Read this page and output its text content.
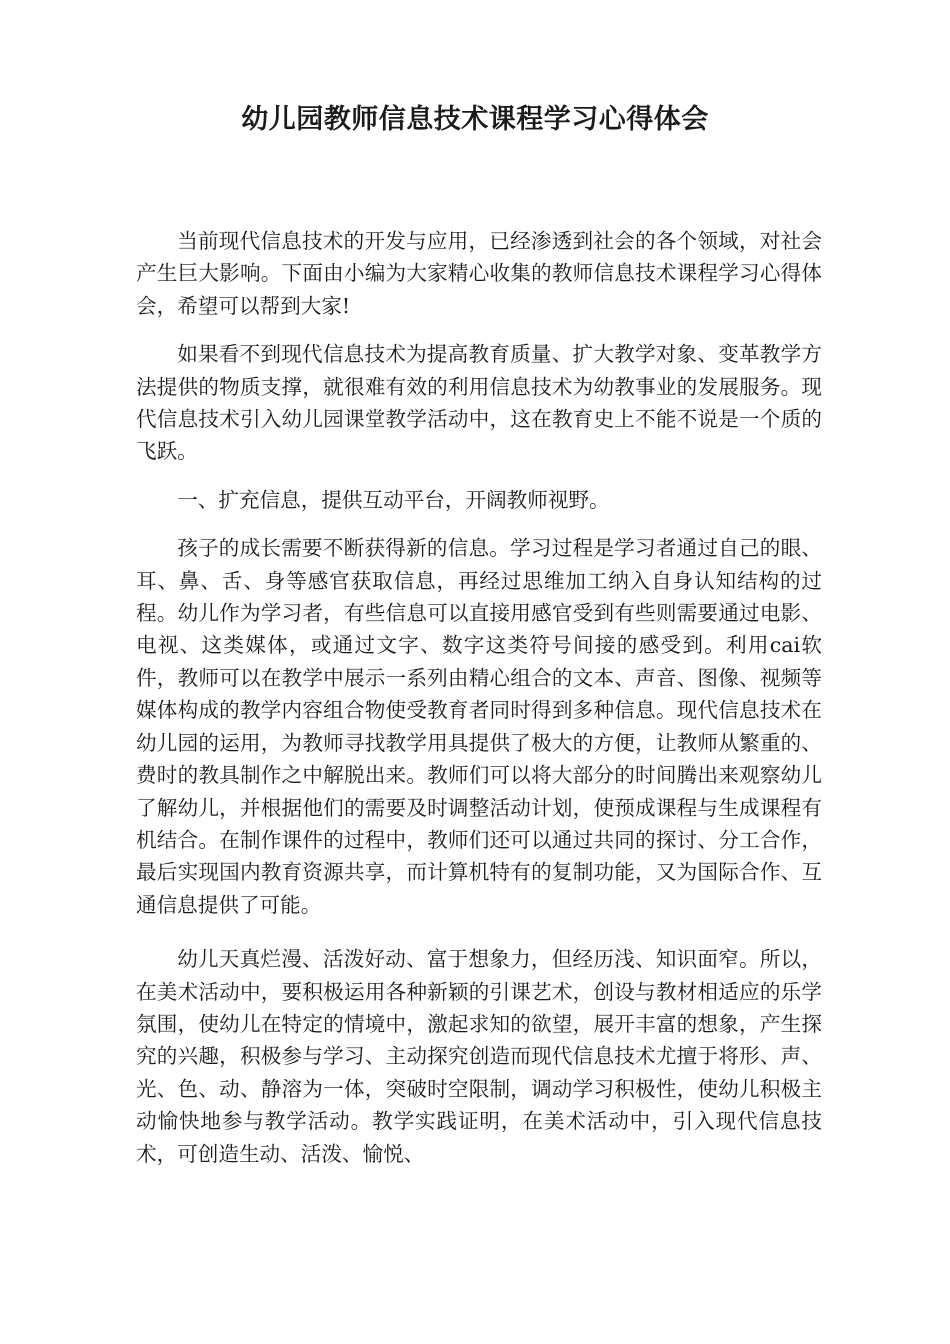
幼儿园教师信息技术课程学习心得体会

当前现代信息技术的开发与应用，已经渗透到社会的各个领域，对社会产生巨大影响。下面由小编为大家精心收集的教师信息技术课程学习心得体会，希望可以帮到大家!

如果看不到现代信息技术为提高教育质量、扩大教学对象、变革教学方法提供的物质支撑，就很难有效的利用信息技术为幼教事业的发展服务。现代信息技术引入幼儿园课堂教学活动中，这在教育史上不能不说是一个质的飞跃。

一、扩充信息，提供互动平台，开阔教师视野。

孩子的成长需要不断获得新的信息。学习过程是学习者通过自己的眼、耳、鼻、舌、身等感官获取信息，再经过思维加工纳入自身认知结构的过程。幼儿作为学习者，有些信息可以直接用感官受到有些则需要通过电影、电视、这类媒体，或通过文字、数字这类符号间接的感受到。利用cai软件，教师可以在教学中展示一系列由精心组合的文本、声音、图像、视频等媒体构成的教学内容组合物使受教育者同时得到多种信息。现代信息技术在幼儿园的运用，为教师寻找教学用具提供了极大的方便，让教师从繁重的、费时的教具制作之中解脱出来。教师们可以将大部分的时间腾出来观察幼儿了解幼儿，并根据他们的需要及时调整活动计划，使预成课程与生成课程有机结合。在制作课件的过程中，教师们还可以通过共同的探讨、分工合作，最后实现国内教育资源共享，而计算机特有的复制功能，又为国际合作、互通信息提供了可能。

幼儿天真烂漫、活泼好动、富于想象力，但经历浅、知识面窄。所以，在美术活动中，要积极运用各种新颖的引课艺术，创设与教材相适应的乐学氛围，使幼儿在特定的情境中，激起求知的欲望，展开丰富的想象，产生探究的兴趣，积极参与学习、主动探究创造而现代信息技术尤擅于将形、声、光、色、动、静溶为一体，突破时空限制，调动学习积极性，使幼儿积极主动愉快地参与教学活动。教学实践证明，在美术活动中，引入现代信息技术，可创造生动、活泼、愉悦、
